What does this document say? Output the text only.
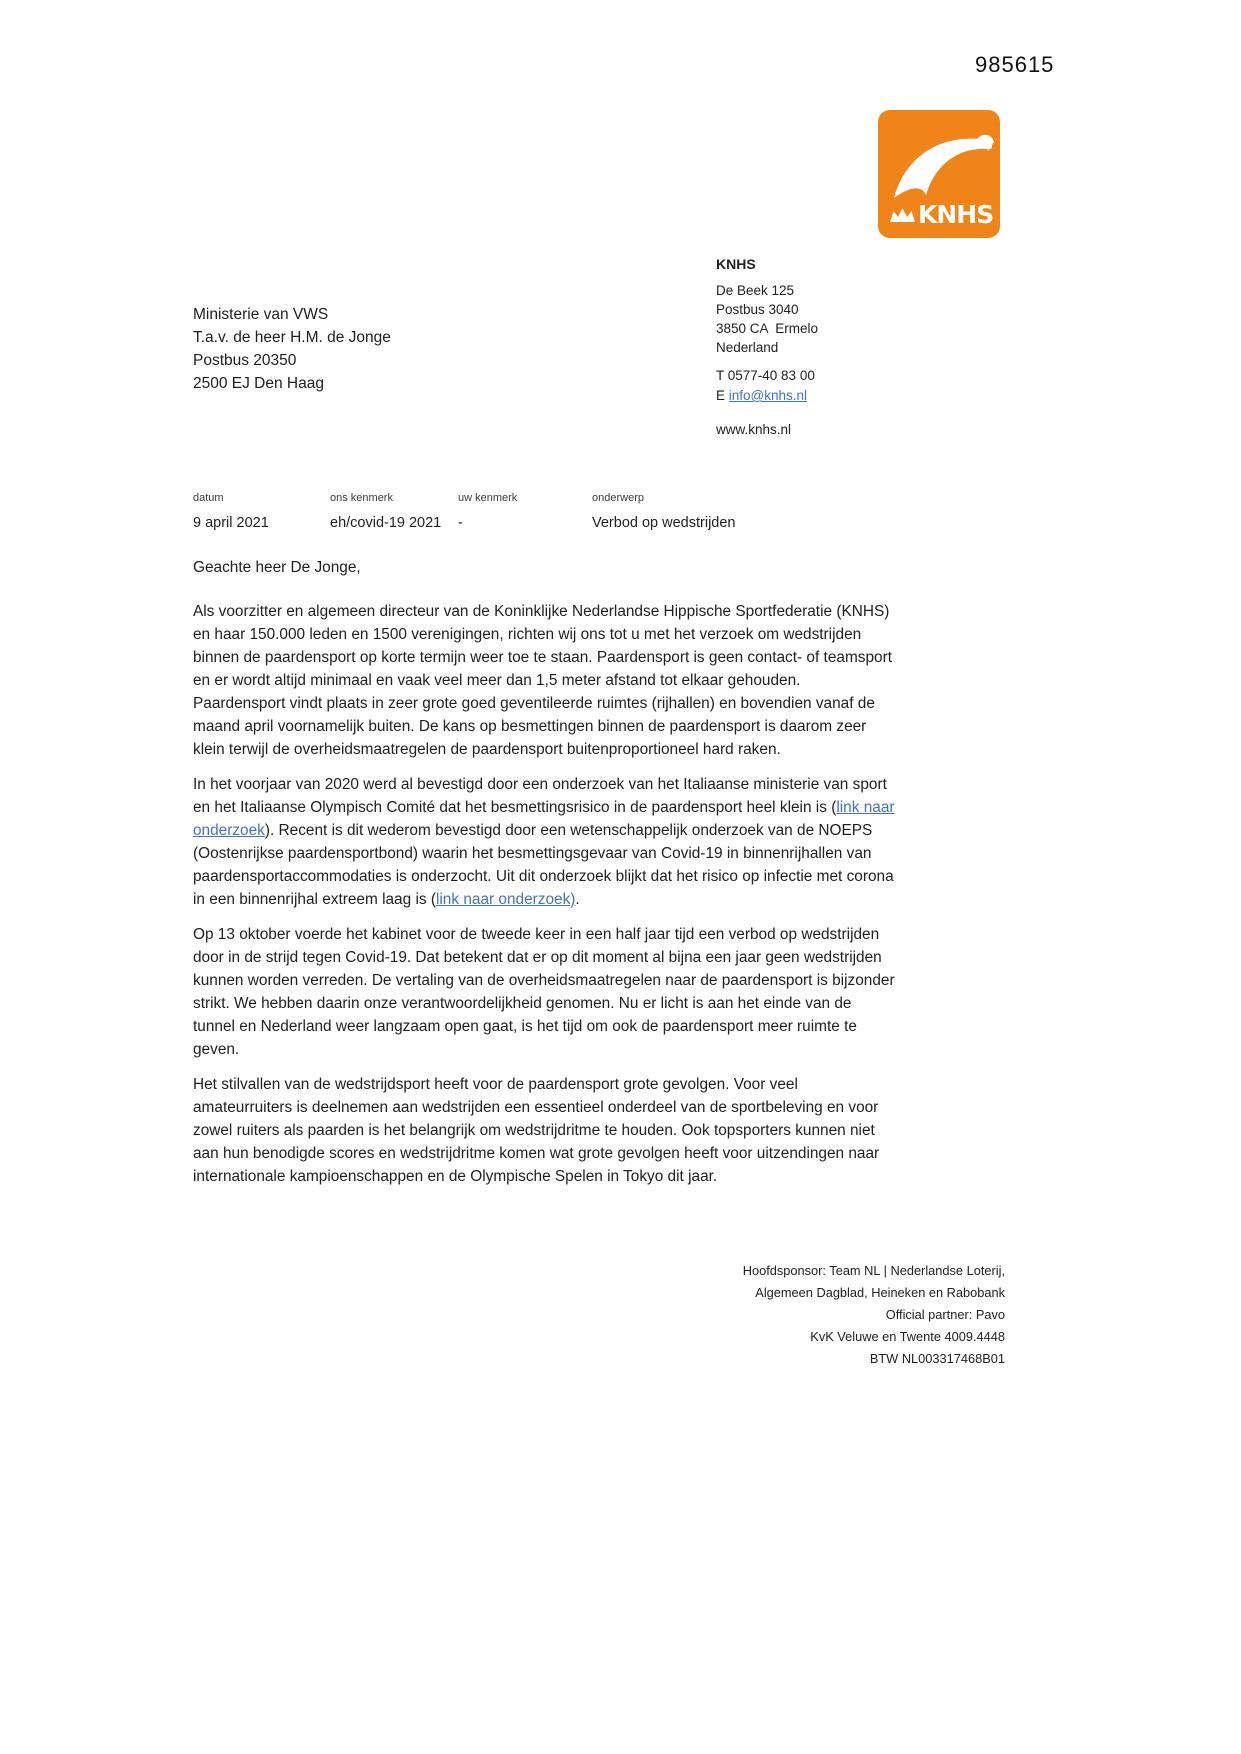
985615
KNHS
KNHS
De Beek 125
Postbus 3040
3850 CA  Ermelo
Nederland
T 0577-40 83 00
E info@knhs.nl
www.knhs.nl
Ministerie van VWS
T.a.v. de heer H.M. de Jonge
Postbus 20350
2500 EJ Den Haag
datum
9 april 2021
ons kenmerk
eh/covid-19 2021
uw kenmerk
-
onderwerp
Verbod op wedstrijden

Geachte heer De Jonge,

Als voorzitter en algemeen directeur van de Koninklijke Nederlandse Hippische Sportfederatie (KNHS) en haar 150.000 leden en 1500 verenigingen, richten wij ons tot u met het verzoek om wedstrijden binnen de paardensport op korte termijn weer toe te staan. Paardensport is geen contact- of teamsport en er wordt altijd minimaal en vaak veel meer dan 1,5 meter afstand tot elkaar gehouden. Paardensport vindt plaats in zeer grote goed geventileerde ruimtes (rijhallen) en bovendien vanaf de maand april voornamelijk buiten. De kans op besmettingen binnen de paardensport is daarom zeer klein terwijl de overheidsmaatregelen de paardensport buitenproportioneel hard raken.

In het voorjaar van 2020 werd al bevestigd door een onderzoek van het Italiaanse ministerie van sport en het Italiaanse Olympisch Comité dat het besmettingsrisico in de paardensport heel klein is (link naar onderzoek). Recent is dit wederom bevestigd door een wetenschappelijk onderzoek van de NOEPS (Oostenrijkse paardensportbond) waarin het besmettingsgevaar van Covid-19 in binnenrijhallen van paardensportaccommodaties is onderzocht. Uit dit onderzoek blijkt dat het risico op infectie met corona in een binnenrijhal extreem laag is (link naar onderzoek).

Op 13 oktober voerde het kabinet voor de tweede keer in een half jaar tijd een verbod op wedstrijden door in de strijd tegen Covid-19. Dat betekent dat er op dit moment al bijna een jaar geen wedstrijden kunnen worden verreden. De vertaling van de overheidsmaatregelen naar de paardensport is bijzonder strikt. We hebben daarin onze verantwoordelijkheid genomen. Nu er licht is aan het einde van de tunnel en Nederland weer langzaam open gaat, is het tijd om ook de paardensport meer ruimte te geven.

Het stilvallen van de wedstrijdsport heeft voor de paardensport grote gevolgen. Voor veel amateurruiters is deelnemen aan wedstrijden een essentieel onderdeel van de sportbeleving en voor zowel ruiters als paarden is het belangrijk om wedstrijdritme te houden. Ook topsporters kunnen niet aan hun benodigde scores en wedstrijdritme komen wat grote gevolgen heeft voor uitzendingen naar internationale kampioenschappen en de Olympische Spelen in Tokyo dit jaar.

Hoofdsponsor: Team NL | Nederlandse Loterij,
Algemeen Dagblad, Heineken en Rabobank
Official partner: Pavo
KvK Veluwe en Twente 4009.4448
BTW NL003317468B01
